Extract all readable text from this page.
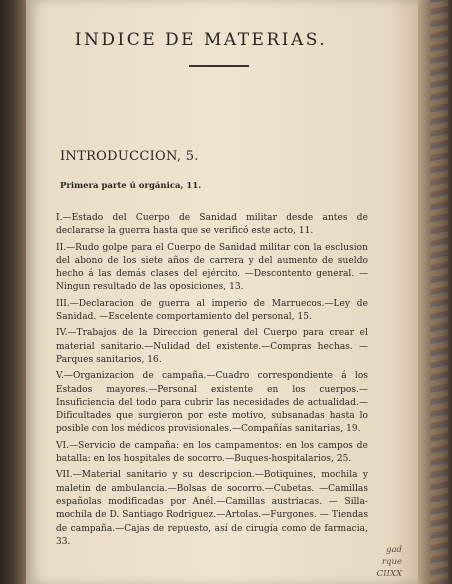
INDICE DE MATERIAS.
INTRODUCCION, 5.
Primera parte ú orgánica, 11.

I.—Estado del Cuerpo de Sanidad militar desde antes de declararse la guerra hasta que se verificó este acto, 11.

II.—Rudo golpe para el Cuerpo de Sanidad militar con la esclusion del abono de los siete años de carrera y del aumento de sueldo hecho á las demás clases del ejército. —Descontento general. — Ningun resultado de las oposiciones, 13.

III.—Declaracion de guerra al imperio de Marruecos.—Ley de Sanidad. —Escelente comportamiento del personal, 15.

IV.—Trabajos de la Direccion general del Cuerpo para crear el material sanitario.—Nulidad del existente.—Compras hechas. — Parques sanitarios, 16.

V.—Organizacion de campaña.—Cuadro correspondiente á los Estados mayores.—Personal existente en los cuerpos.—Insuficiencia del todo para cubrir las necesidades de actualidad.—Dificultades que surgieron por este motivo, subsanadas hasta lo posible con los médicos provisionales.—Compañías sanitarias, 19.

VI.—Servicio de campaña: en los campamentos: en los campos de batalla: en los hospitales de socorro.—Buques-hospitalarios, 25.

VII.—Material sanitario y su descripcion.—Botiquines, mochila y maletin de ambulancia.—Bolsas de socorro.—Cubetas. —Camillas españolas modificadas por Anél.—Camillas austriacas. — Silla-mochila de D. Santiago Rodriguez.—Artolas.—Furgones. — Tiendas de campaña.—Cajas de repuesto, así de cirugía como de farmacia, 33.

gad
rque
CIIXX
